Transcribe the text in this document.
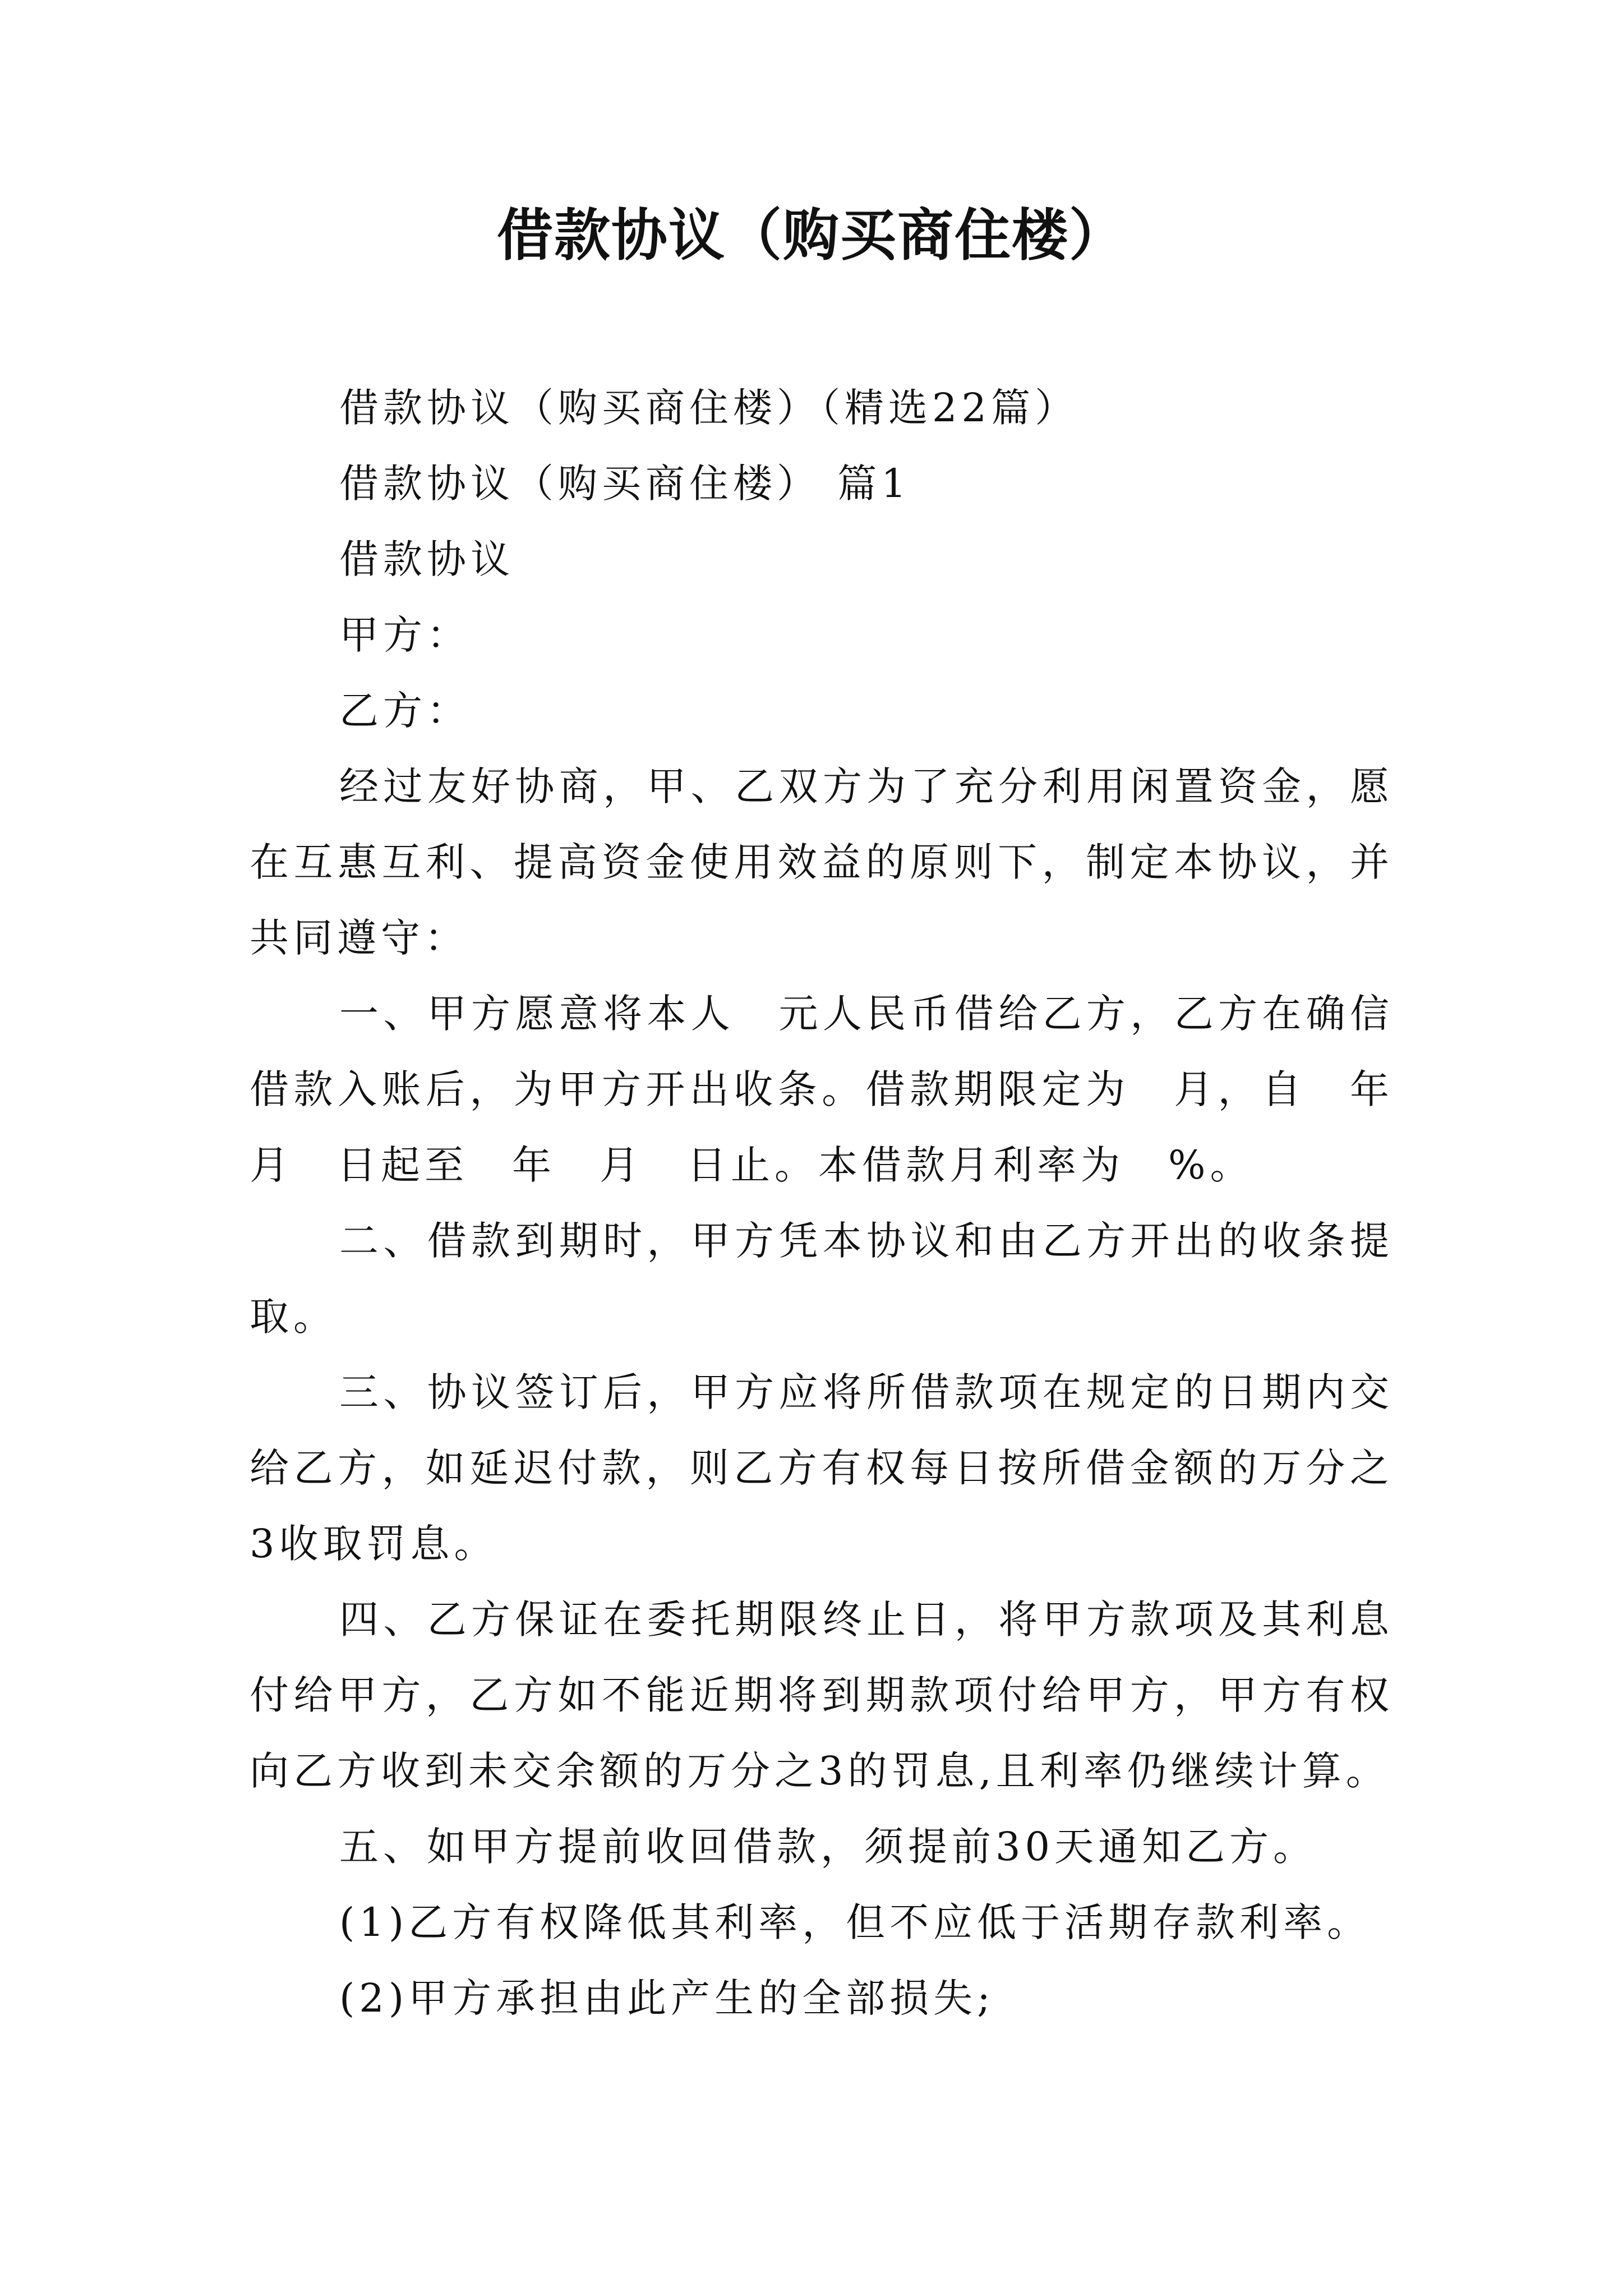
借款协议（购买商住楼）

借款协议（购买商住楼）（精选22篇）

借款协议（购买商住楼） 篇1

借款协议

甲方：

乙方：

经过友好协商，甲、乙双方为了充分利用闲置资金，愿在互惠互利、提高资金使用效益的原则下，制定本协议，并共同遵守：

一、甲方愿意将本人　元人民币借给乙方，乙方在确信借款入账后，为甲方开出收条。借款期限定为　月，自　年　月　日起至　年　月　日止。本借款月利率为　%。

二、借款到期时，甲方凭本协议和由乙方开出的收条提取。

三、协议签订后，甲方应将所借款项在规定的日期内交给乙方，如延迟付款，则乙方有权每日按所借金额的万分之3收取罚息。

四、乙方保证在委托期限终止日，将甲方款项及其利息付给甲方，乙方如不能近期将到期款项付给甲方，甲方有权向乙方收到未交余额的万分之3的罚息,且利率仍继续计算。

五、如甲方提前收回借款，须提前30天通知乙方。

(1)乙方有权降低其利率，但不应低于活期存款利率。

(2)甲方承担由此产生的全部损失;
